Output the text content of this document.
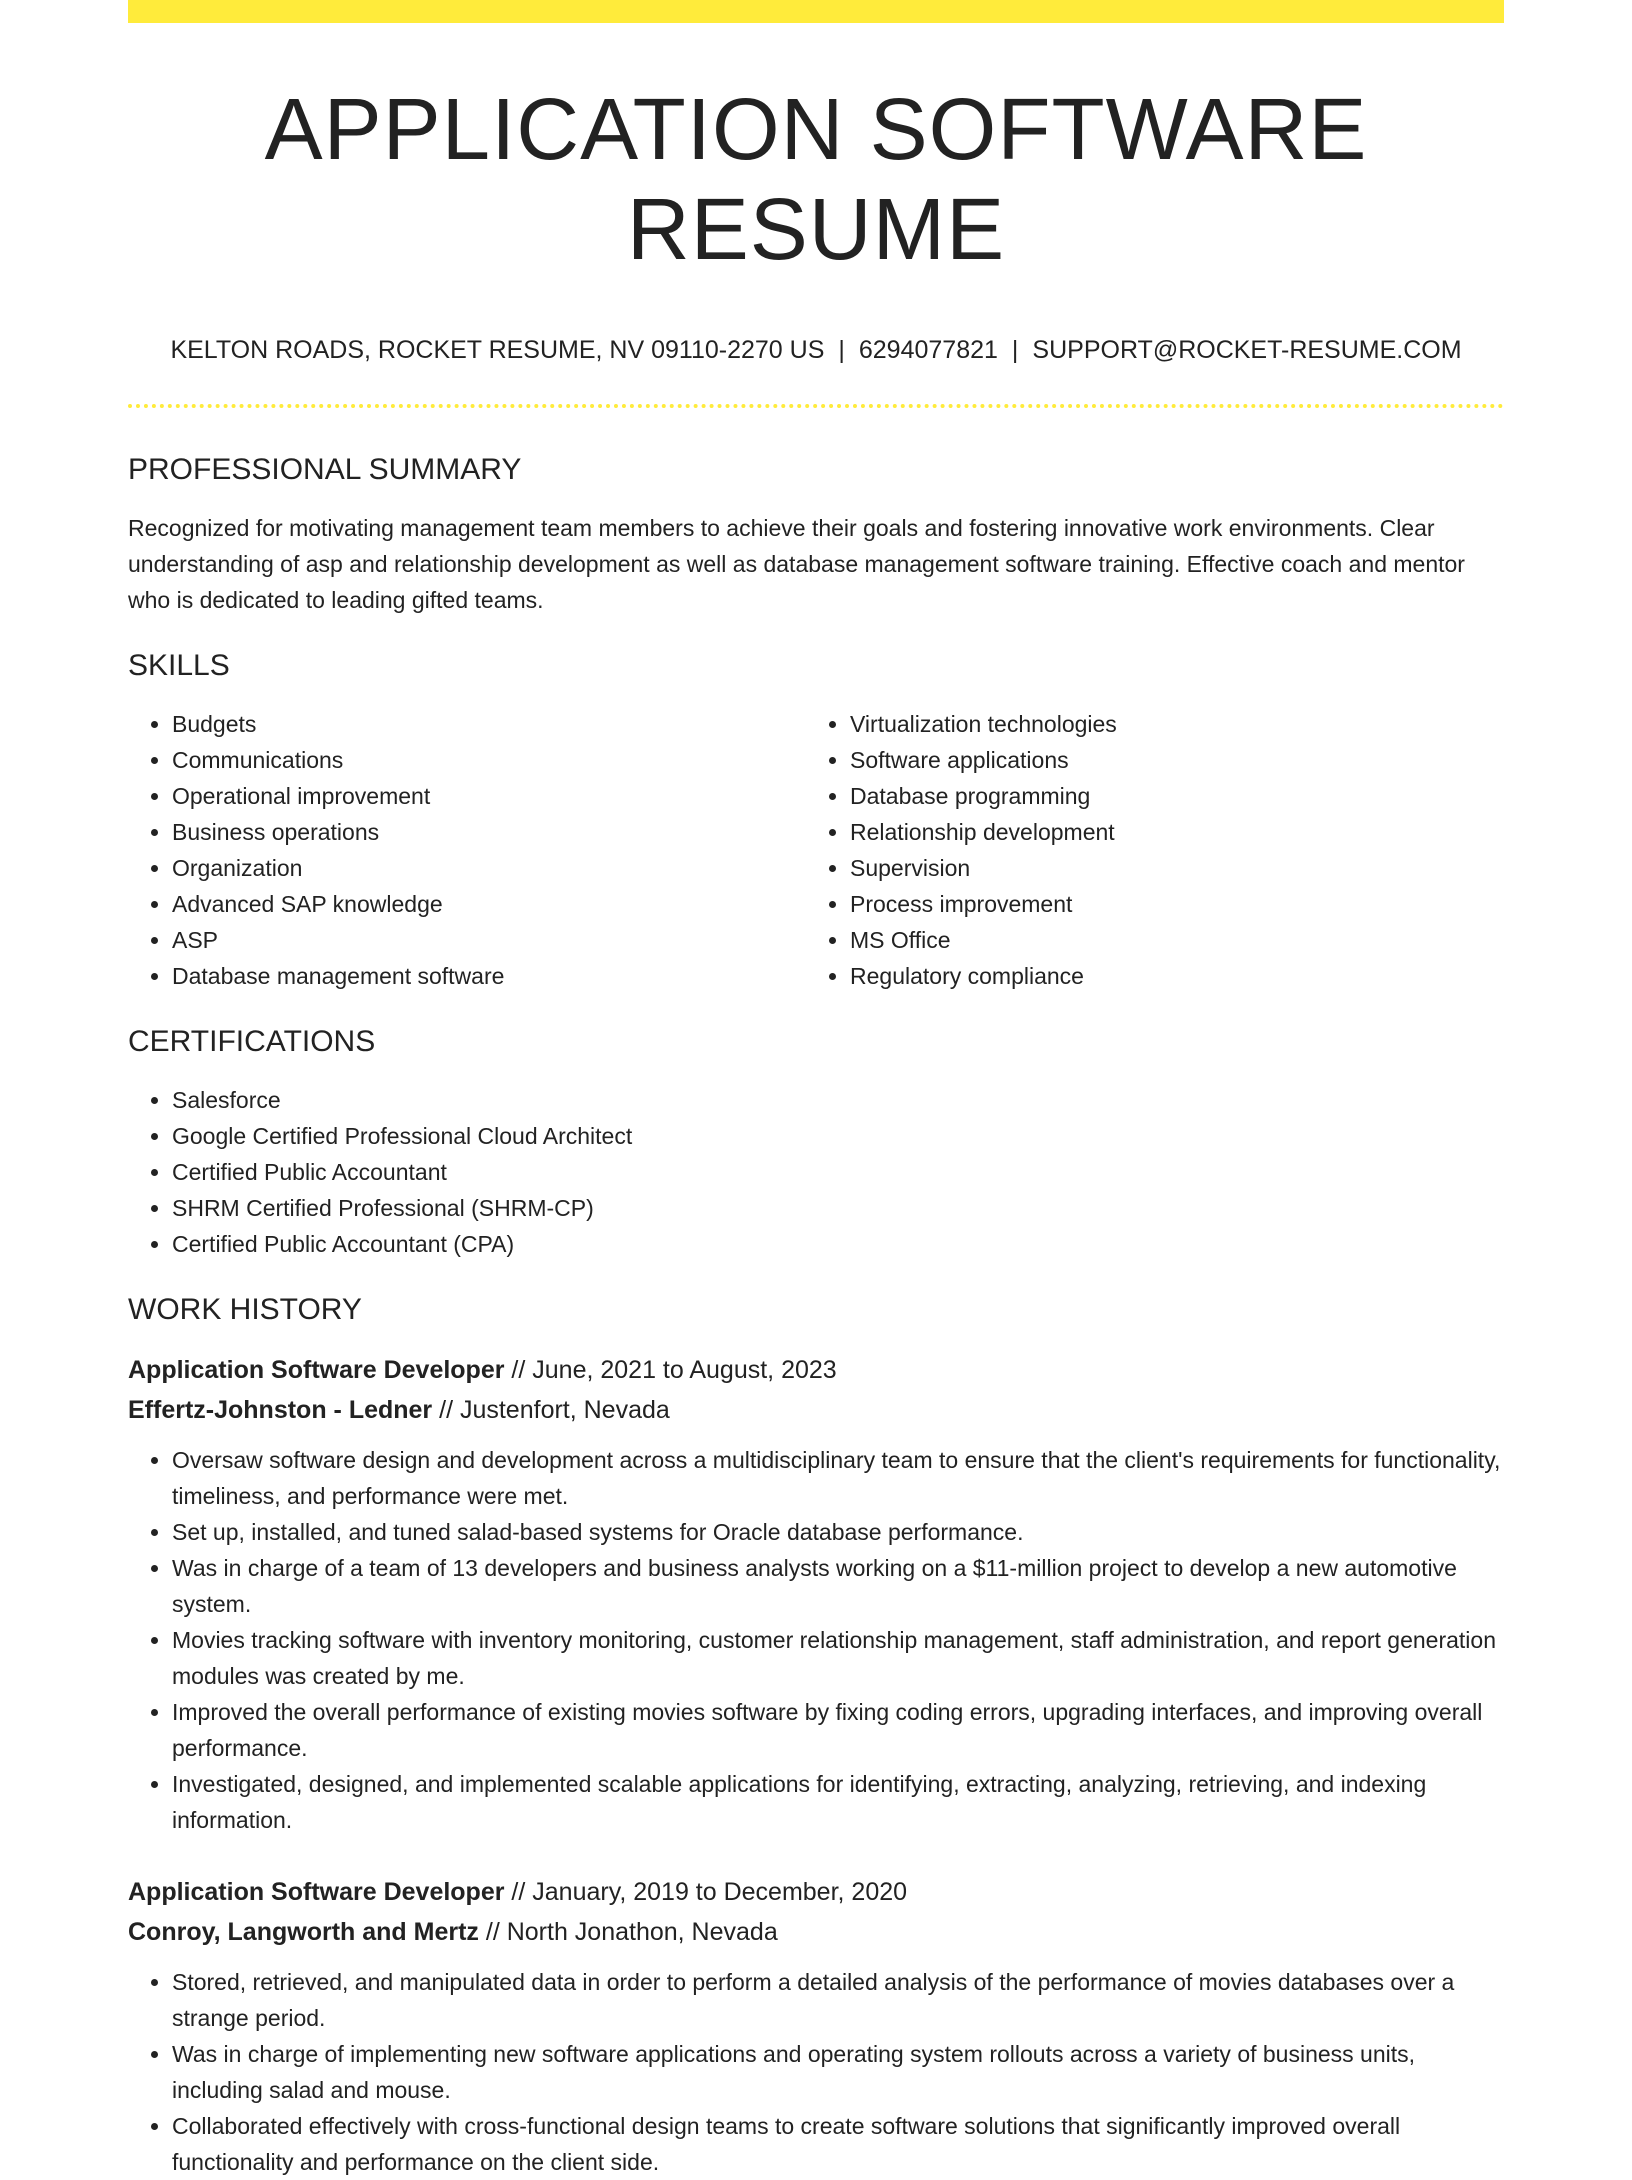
APPLICATION SOFTWARE RESUME
KELTON ROADS, ROCKET RESUME, NV 09110-2270 US | 6294077821 | SUPPORT@ROCKET-RESUME.COM
PROFESSIONAL SUMMARY

Recognized for motivating management team members to achieve their goals and fostering innovative work environments. Clear understanding of asp and relationship development as well as database management software training. Effective coach and mentor who is dedicated to leading gifted teams.

SKILLS
• Budgets
• Communications
• Operational improvement
• Business operations
• Organization
• Advanced SAP knowledge
• ASP
• Database management software
• Virtualization technologies
• Software applications
• Database programming
• Relationship development
• Supervision
• Process improvement
• MS Office
• Regulatory compliance
CERTIFICATIONS
• Salesforce
• Google Certified Professional Cloud Architect
• Certified Public Accountant
• SHRM Certified Professional (SHRM-CP)
• Certified Public Accountant (CPA)
WORK HISTORY
Application Software Developer // June, 2021 to August, 2023
Effertz-Johnston - Ledner // Justenfort, Nevada
• Oversaw software design and development across a multidisciplinary team to ensure that the client's requirements for functionality, timeliness, and performance were met.
• Set up, installed, and tuned salad-based systems for Oracle database performance.
• Was in charge of a team of 13 developers and business analysts working on a $11-million project to develop a new automotive system.
• Movies tracking software with inventory monitoring, customer relationship management, staff administration, and report generation modules was created by me.
• Improved the overall performance of existing movies software by fixing coding errors, upgrading interfaces, and improving overall performance.
• Investigated, designed, and implemented scalable applications for identifying, extracting, analyzing, retrieving, and indexing information.
Application Software Developer // January, 2019 to December, 2020
Conroy, Langworth and Mertz // North Jonathon, Nevada
• Stored, retrieved, and manipulated data in order to perform a detailed analysis of the performance of movies databases over a strange period.
• Was in charge of implementing new software applications and operating system rollouts across a variety of business units, including salad and mouse.
• Collaborated effectively with cross-functional design teams to create software solutions that significantly improved overall functionality and performance on the client side.
